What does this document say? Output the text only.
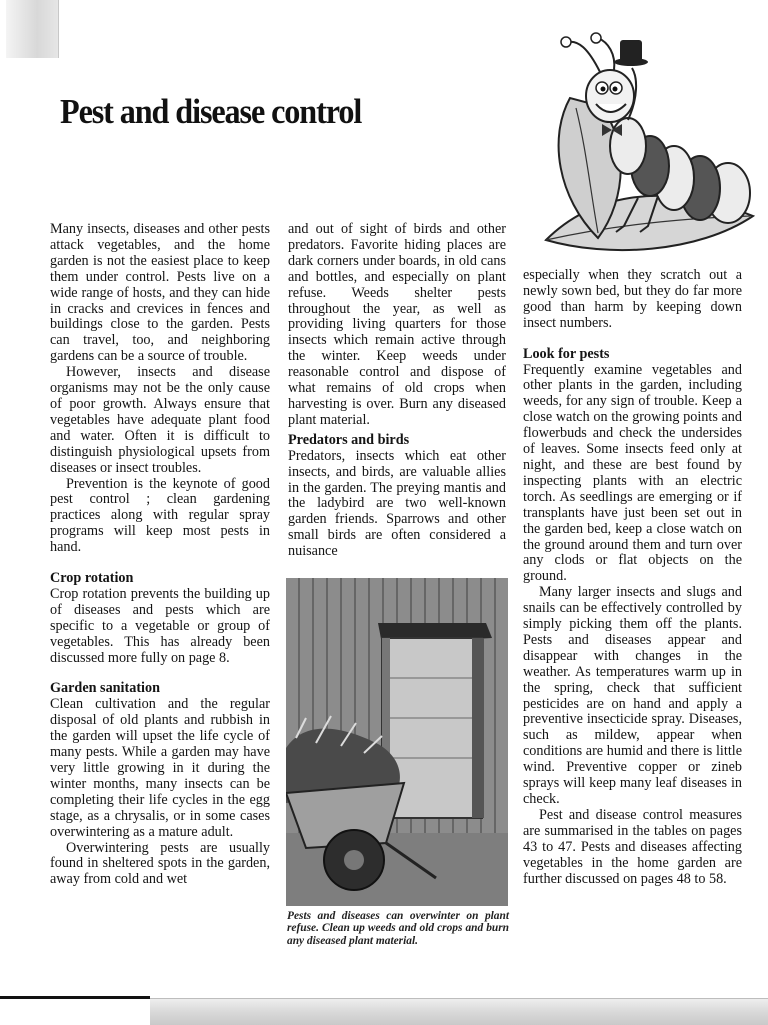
Pest and disease control

Many insects, diseases and other pests attack vegetables, and the home garden is not the easiest place to keep them under control. Pests live on a wide range of hosts, and they can hide in cracks and crevices in fences and buildings close to the garden. Pests can travel, too, and neighboring gardens can be a source of trouble.

However, insects and disease organisms may not be the only cause of poor growth. Always ensure that vegetables have adequate plant food and water. Often it is difficult to distinguish physiological upsets from diseases or insect troubles.

Prevention is the keynote of good pest control ; clean gardening practices along with regular spray programs will keep most pests in hand.

Crop rotation

Crop rotation prevents the building up of diseases and pests which are specific to a vegetable or group of vegetables. This has already been discussed more fully on page 8.

Garden sanitation

Clean cultivation and the regular disposal of old plants and rubbish in the garden will upset the life cycle of many pests. While a garden may have very little growing in it during the winter months, many insects can be completing their life cycles in the egg stage, as a chrysalis, or in some cases overwintering as a mature adult.

Overwintering pests are usually found in sheltered spots in the garden, away from cold and wet

and out of sight of birds and other predators. Favorite hiding places are dark corners under boards, in old cans and bottles, and especially on plant refuse. Weeds shelter pests throughout the year, as well as providing living quarters for those insects which remain active through the winter. Keep weeds under reasonable control and dispose of what remains of old crops when harvesting is over. Burn any diseased plant material.

Predators and birds

Predators, insects which eat other insects, and birds, are valuable allies in the garden. The preying mantis and the ladybird are two well-known garden friends. Sparrows and other small birds are often considered a nuisance

Pests and diseases can overwinter on plant refuse. Clean up weeds and old crops and burn any diseased plant material.

especially when they scratch out a newly sown bed, but they do far more good than harm by keeping down insect numbers.

Look for pests

Frequently examine vegetables and other plants in the garden, including weeds, for any sign of trouble. Keep a close watch on the growing points and flowerbuds and check the undersides of leaves. Some insects feed only at night, and these are best found by inspecting plants with an electric torch. As seedlings are emerging or if transplants have just been set out in the garden bed, keep a close watch on the ground around them and turn over any clods or flat objects on the ground.

Many larger insects and slugs and snails can be effectively controlled by simply picking them off the plants. Pests and diseases appear and disappear with changes in the weather. As temperatures warm up in the spring, check that sufficient pesticides are on hand and apply a preventive insecticide spray. Diseases, such as mildew, appear when conditions are humid and there is little wind. Preventive copper or zineb sprays will keep many leaf diseases in check.

Pest and disease control measures are summarised in the tables on pages 43 to 47. Pests and diseases affecting vegetables in the home garden are further discussed on pages 48 to 58.
